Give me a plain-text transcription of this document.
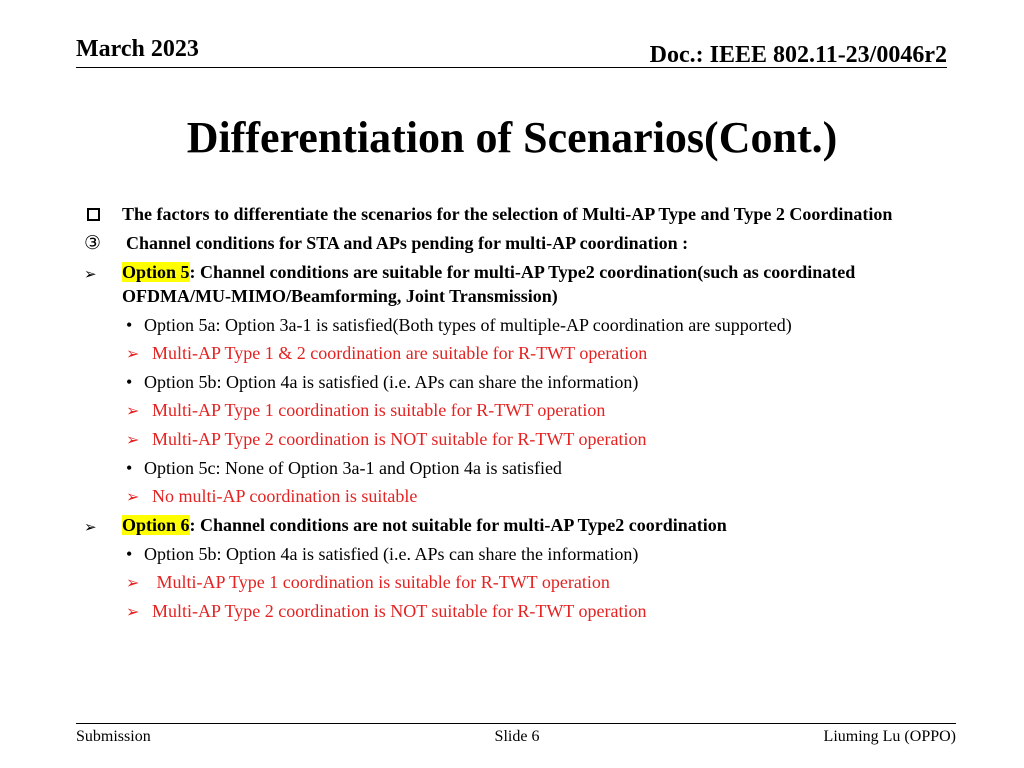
March 2023	Doc.: IEEE 802.11-23/0046r2
Differentiation of Scenarios(Cont.)
The factors to differentiate the scenarios for the selection of Multi-AP Type and Type 2 Coordination
③ Channel conditions for STA and APs pending for multi-AP coordination :
➢ Option 5: Channel conditions are suitable for multi-AP Type2 coordination(such as coordinated
OFDMA/MU-MIMO/Beamforming, Joint Transmission)
• Option 5a: Option 3a-1 is satisfied(Both types of multiple-AP coordination are supported)
➢ Multi-AP Type 1 & 2 coordination are suitable for R-TWT operation
• Option 5b: Option 4a is satisfied (i.e. APs can share the information)
➢ Multi-AP Type 1 coordination is suitable for R-TWT operation
➢ Multi-AP Type 2 coordination is NOT suitable for R-TWT operation
• Option 5c: None of Option 3a-1 and Option 4a is satisfied
➢ No multi-AP coordination is suitable
➢ Option 6: Channel conditions are not suitable for multi-AP Type2 coordination
• Option 5b: Option 4a is satisfied (i.e. APs can share the information)
➢ Multi-AP Type 1 coordination is suitable for R-TWT operation
➢ Multi-AP Type 2 coordination is NOT suitable for R-TWT operation
Submission	Slide 6	Liuming Lu (OPPO)
